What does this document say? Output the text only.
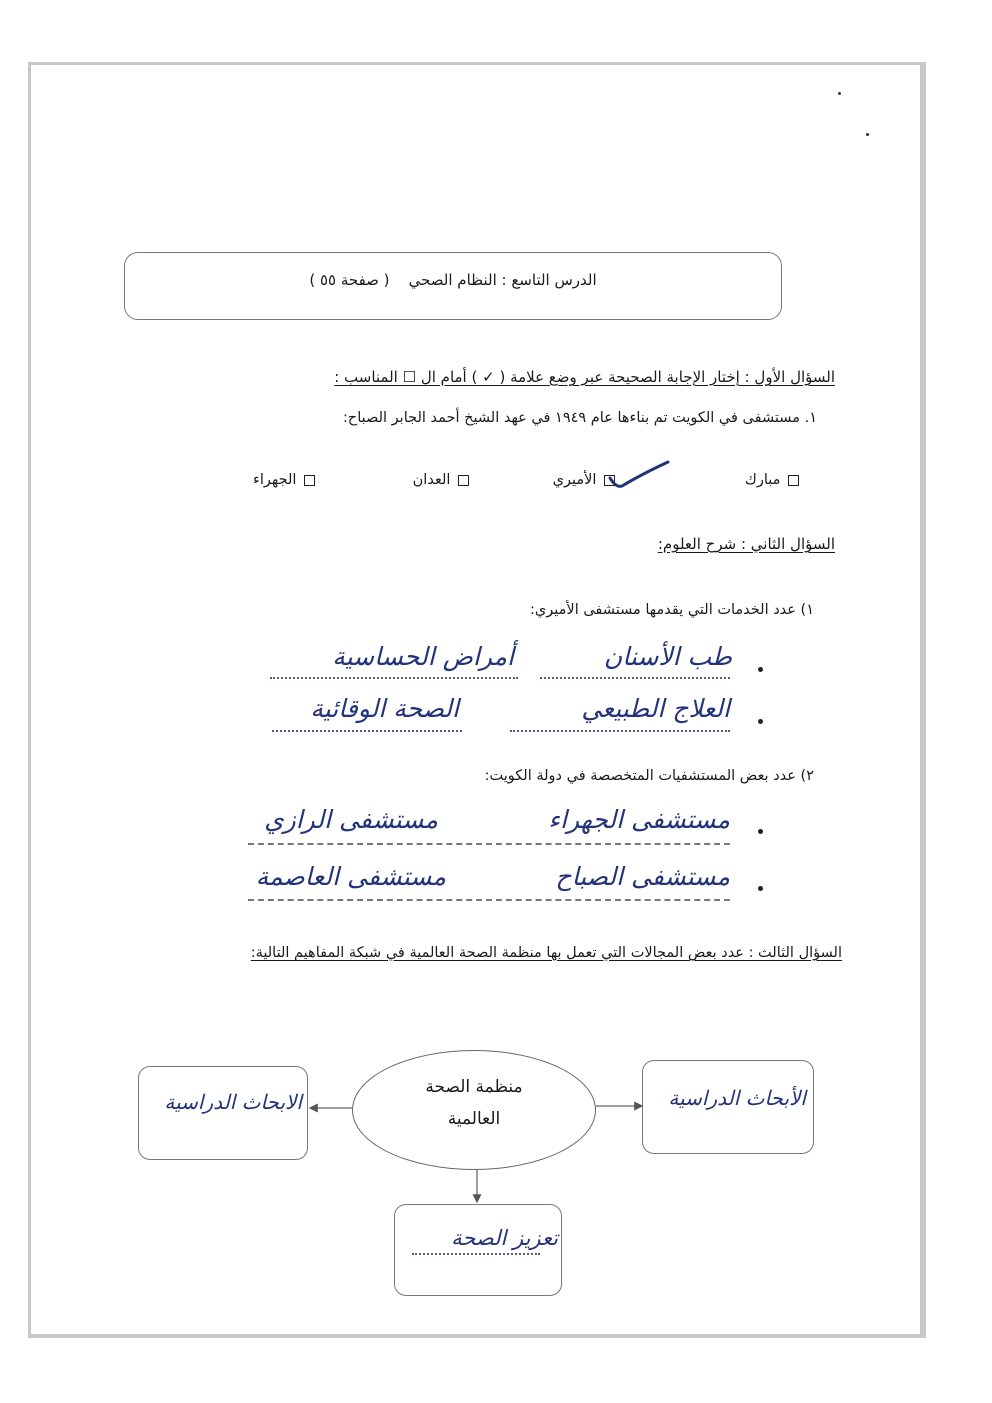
الدرس التاسع : النظام الصحي    ( صفحة ٥٥ )
السؤال الأول : إختار الإجابة الصحيحة عبر وضع علامة ( ✓ ) أمام ال ☐ المناسب :
١. مستشفى في الكويت تم بناءها عام ١٩٤٩ في عهد الشيخ أحمد الجابر الصباح:
مبارك
الأميري
العدان
الجهراء
السؤال الثاني : شرح العلوم:
١) عدد الخدمات التي يقدمها مستشفى الأميري:
طب الأسنان
أمراض الحساسية
العلاج الطبيعي
الصحة الوقائية
٢) عدد بعض المستشفيات المتخصصة في دولة الكويت:
مستشفى الجهراء
مستشفى الرازي
مستشفى الصباح
مستشفى العاصمة
السؤال الثالث : عدد بعض المجالات التي تعمل بها منظمة الصحة العالمية في شبكة المفاهيم التالية:
منظمة الصحة
العالمية
الابحاث الدراسية	الأبحاث الدراسية
تعزيز الصحة
